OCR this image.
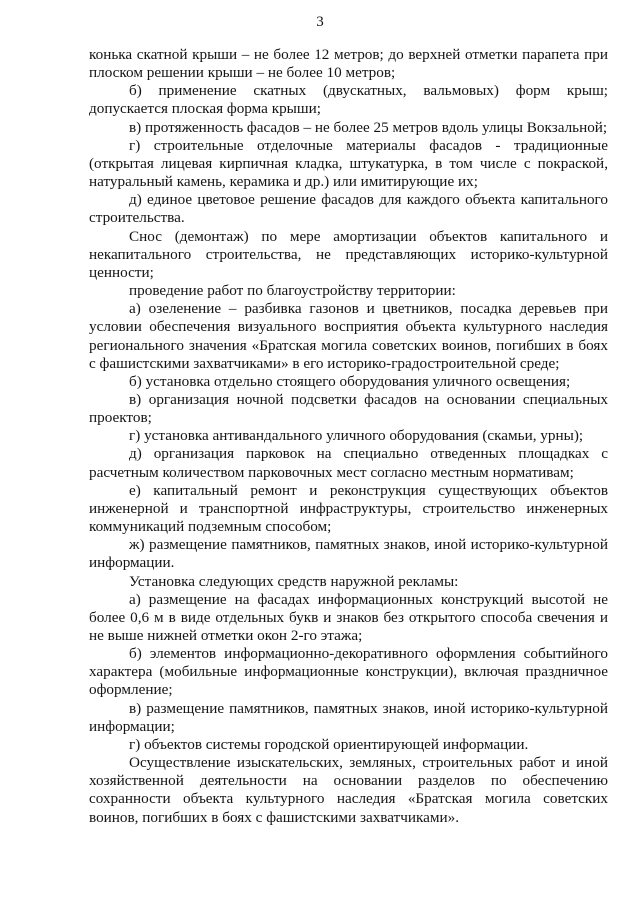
3

конька скатной крыши – не более 12 метров; до верхней отметки парапета при плоском решении крыши – не более 10 метров;

б) применение скатных (двускатных, вальмовых) форм крыш; допускается плоская форма крыши;

в) протяженность фасадов – не более 25 метров вдоль улицы Вокзальной;

г) строительные отделочные материалы фасадов - традиционные (открытая лицевая кирпичная кладка, штукатурка, в том числе с покраской, натуральный камень, керамика и др.) или имитирующие их;

д) единое цветовое решение фасадов для каждого объекта капитального строительства.

Снос (демонтаж) по мере амортизации объектов капитального и некапитального строительства, не представляющих историко-культурной ценности;

проведение работ по благоустройству территории:

а) озеленение – разбивка газонов и цветников, посадка деревьев при условии обеспечения визуального восприятия объекта культурного наследия регионального значения «Братская могила советских воинов, погибших в боях с фашистскими захватчиками» в его историко-градостроительной среде;

б) установка отдельно стоящего оборудования уличного освещения;

в) организация ночной подсветки фасадов на основании специальных проектов;

г) установка антивандального уличного оборудования (скамьи, урны);

д) организация парковок на специально отведенных площадках с расчетным количеством парковочных мест согласно местным нормативам;

е) капитальный ремонт и реконструкция существующих объектов инженерной и транспортной инфраструктуры, строительство инженерных коммуникаций подземным способом;

ж) размещение памятников, памятных знаков, иной историко-культурной информации.

Установка следующих средств наружной рекламы:

а) размещение на фасадах информационных конструкций высотой не более 0,6 м в виде отдельных букв и знаков без открытого способа свечения и не выше нижней отметки окон 2-го этажа;

б) элементов информационно-декоративного оформления событийного характера (мобильные информационные конструкции), включая праздничное оформление;

в) размещение памятников, памятных знаков, иной историко-культурной информации;

г) объектов системы городской ориентирующей информации.

Осуществление изыскательских, земляных, строительных работ и иной хозяйственной деятельности на основании разделов по обеспечению сохранности объекта культурного наследия «Братская могила советских воинов, погибших в боях с фашистскими захватчиками».
